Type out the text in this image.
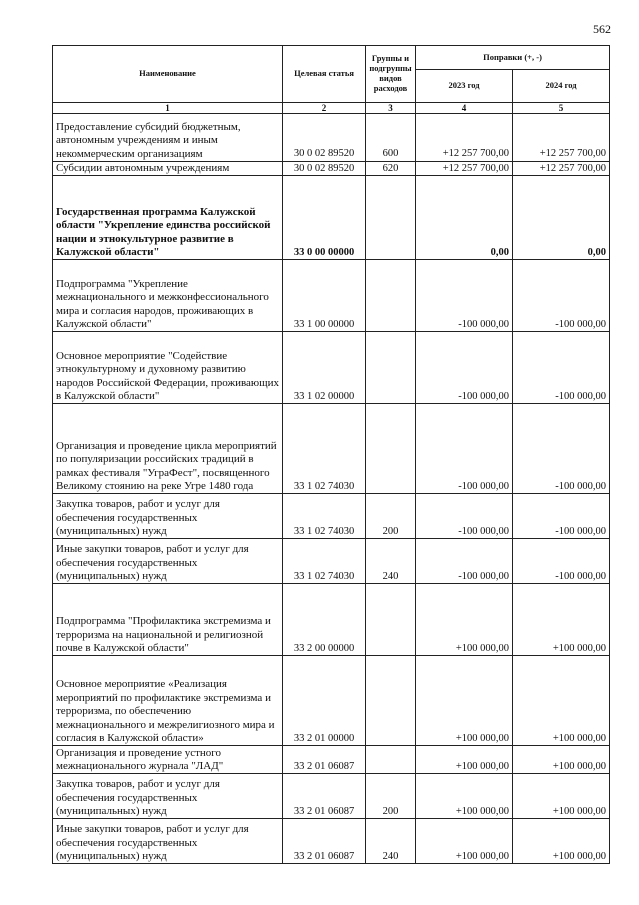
562
Наименование	Целевая статья	Группы и подгруппы видов расходов	Поправки (+, -)	
			2023 год	2024 год
1	2	3	4	5
Предоставление субсидий бюджетным, автономным учреждениям и иным некоммерческим организациям	30 0 02 89520	600	+12 257 700,00	+12 257 700,00
Субсидии автономным учреждениям	30 0 02 89520	620	+12 257 700,00	+12 257 700,00
Государственная программа Калужской области "Укрепление единства российской нации и этнокультурное развитие в Калужской области"	33 0 00 00000		0,00	0,00
Подпрограмма "Укрепление межнационального и межконфессионального мира и согласия народов, проживающих в Калужской области"	33 1 00 00000		-100 000,00	-100 000,00
Основное мероприятие "Содействие этнокультурному и духовному развитию народов Российской Федерации, проживающих в Калужской области"	33 1 02 00000		-100 000,00	-100 000,00
Организация и проведение цикла мероприятий по популяризации российских традиций в рамках фестиваля "УграФест", посвященного Великому стоянию на реке Угре 1480 года	33 1 02 74030		-100 000,00	-100 000,00
Закупка товаров, работ и услуг для обеспечения государственных (муниципальных) нужд	33 1 02 74030	200	-100 000,00	-100 000,00
Иные закупки товаров, работ и услуг для обеспечения государственных (муниципальных) нужд	33 1 02 74030	240	-100 000,00	-100 000,00
Подпрограмма "Профилактика экстремизма и терроризма на национальной и религиозной почве в Калужской области"	33 2 00 00000		+100 000,00	+100 000,00
Основное мероприятие «Реализация мероприятий по профилактике экстремизма и терроризма, по обеспечению межнационального и межрелигиозного мира и согласия в Калужской области»	33 2 01 00000		+100 000,00	+100 000,00
Организация и проведение устного межнационального журнала "ЛАД"	33 2 01 06087		+100 000,00	+100 000,00
Закупка товаров, работ и услуг для обеспечения государственных (муниципальных) нужд	33 2 01 06087	200	+100 000,00	+100 000,00
Иные закупки товаров, работ и услуг для обеспечения государственных (муниципальных) нужд	33 2 01 06087	240	+100 000,00	+100 000,00
